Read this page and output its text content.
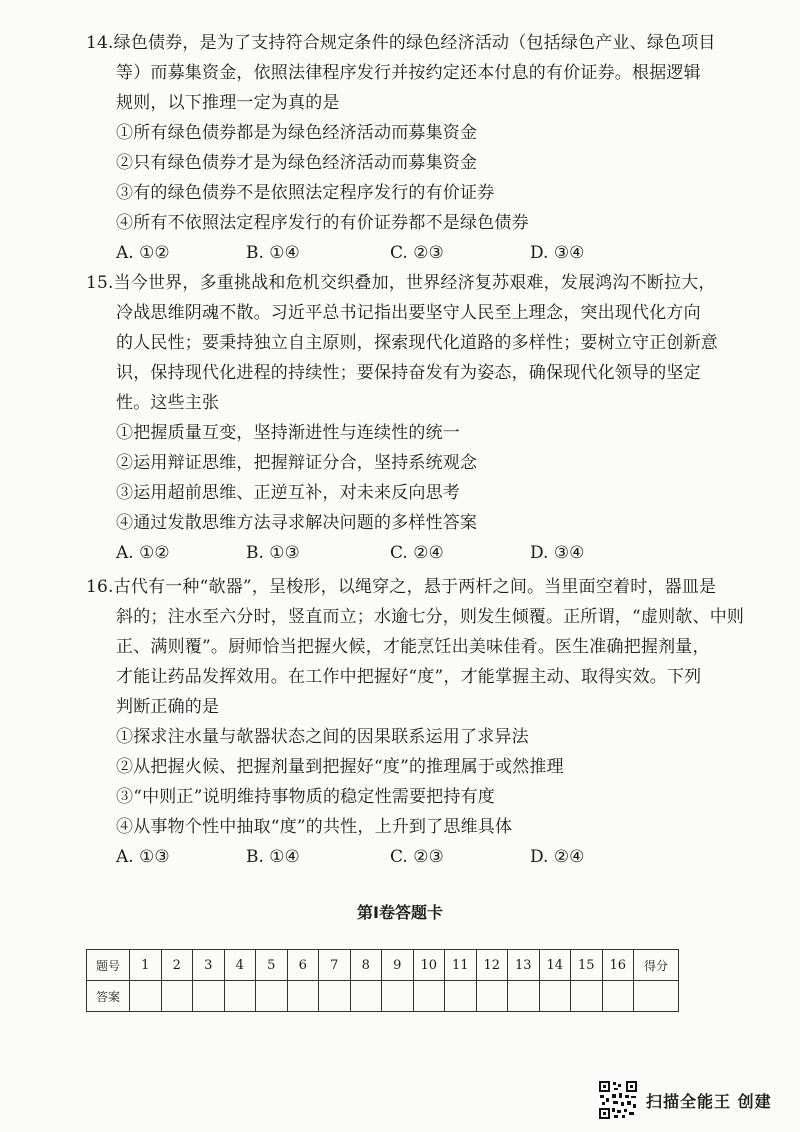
14.绿色债券，是为了支持符合规定条件的绿色经济活动（包括绿色产业、绿色项目
等）而募集资金，依照法律程序发行并按约定还本付息的有价证券。根据逻辑
规则，以下推理一定为真的是
①所有绿色债券都是为绿色经济活动而募集资金
②只有绿色债券才是为绿色经济活动而募集资金
③有的绿色债券不是依照法定程序发行的有价证券
④所有不依照法定程序发行的有价证券都不是绿色债券
A. ①②	B. ①④	C. ②③	D. ③④
15.当今世界，多重挑战和危机交织叠加，世界经济复苏艰难，发展鸿沟不断拉大，
冷战思维阴魂不散。习近平总书记指出要坚守人民至上理念，突出现代化方向
的人民性；要秉持独立自主原则，探索现代化道路的多样性；要树立守正创新意
识，保持现代化进程的持续性；要保持奋发有为姿态，确保现代化领导的坚定
性。这些主张
①把握质量互变，坚持渐进性与连续性的统一
②运用辩证思维，把握辩证分合，坚持系统观念
③运用超前思维、正逆互补，对未来反向思考
④通过发散思维方法寻求解决问题的多样性答案
A. ①②	B. ①③	C. ②④	D. ③④
16.古代有一种“欹器”，呈梭形，以绳穿之，悬于两杆之间。当里面空着时，器皿是
斜的；注水至六分时，竖直而立；水逾七分，则发生倾覆。正所谓，“虚则欹、中则
正、满则覆”。厨师恰当把握火候，才能烹饪出美味佳肴。医生准确把握剂量，
才能让药品发挥效用。在工作中把握好“度”，才能掌握主动、取得实效。下列
判断正确的是
①探求注水量与欹器状态之间的因果联系运用了求异法
②从把握火候、把握剂量到把握好“度”的推理属于或然推理
③“中则正”说明维持事物质的稳定性需要把持有度
④从事物个性中抽取“度”的共性，上升到了思维具体
A. ①③	B. ①④	C. ②③	D. ②④
第Ⅰ卷答题卡
题号	1	2	3	4	5	6	7	8	9	10	11	12	13	14	15	16	得分
答案																	
扫描全能王 创建
